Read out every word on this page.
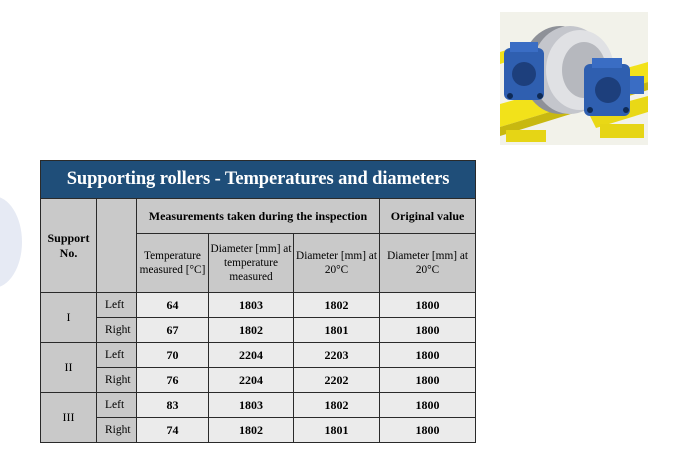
Supporting rollers - Temperatures and diameters					
Support No.		Measurements taken during the inspection			Original value
		Temperature measured [°C]	Diameter [mm] at temperature measured	Diameter [mm] at 20°C	Diameter [mm] at 20°C
I	Left	64	1803	1802	1800
	Right	67	1802	1801	1800
II	Left	70	2204	2203	1800
	Right	76	2204	2202	1800
III	Left	83	1803	1802	1800
	Right	74	1802	1801	1800
